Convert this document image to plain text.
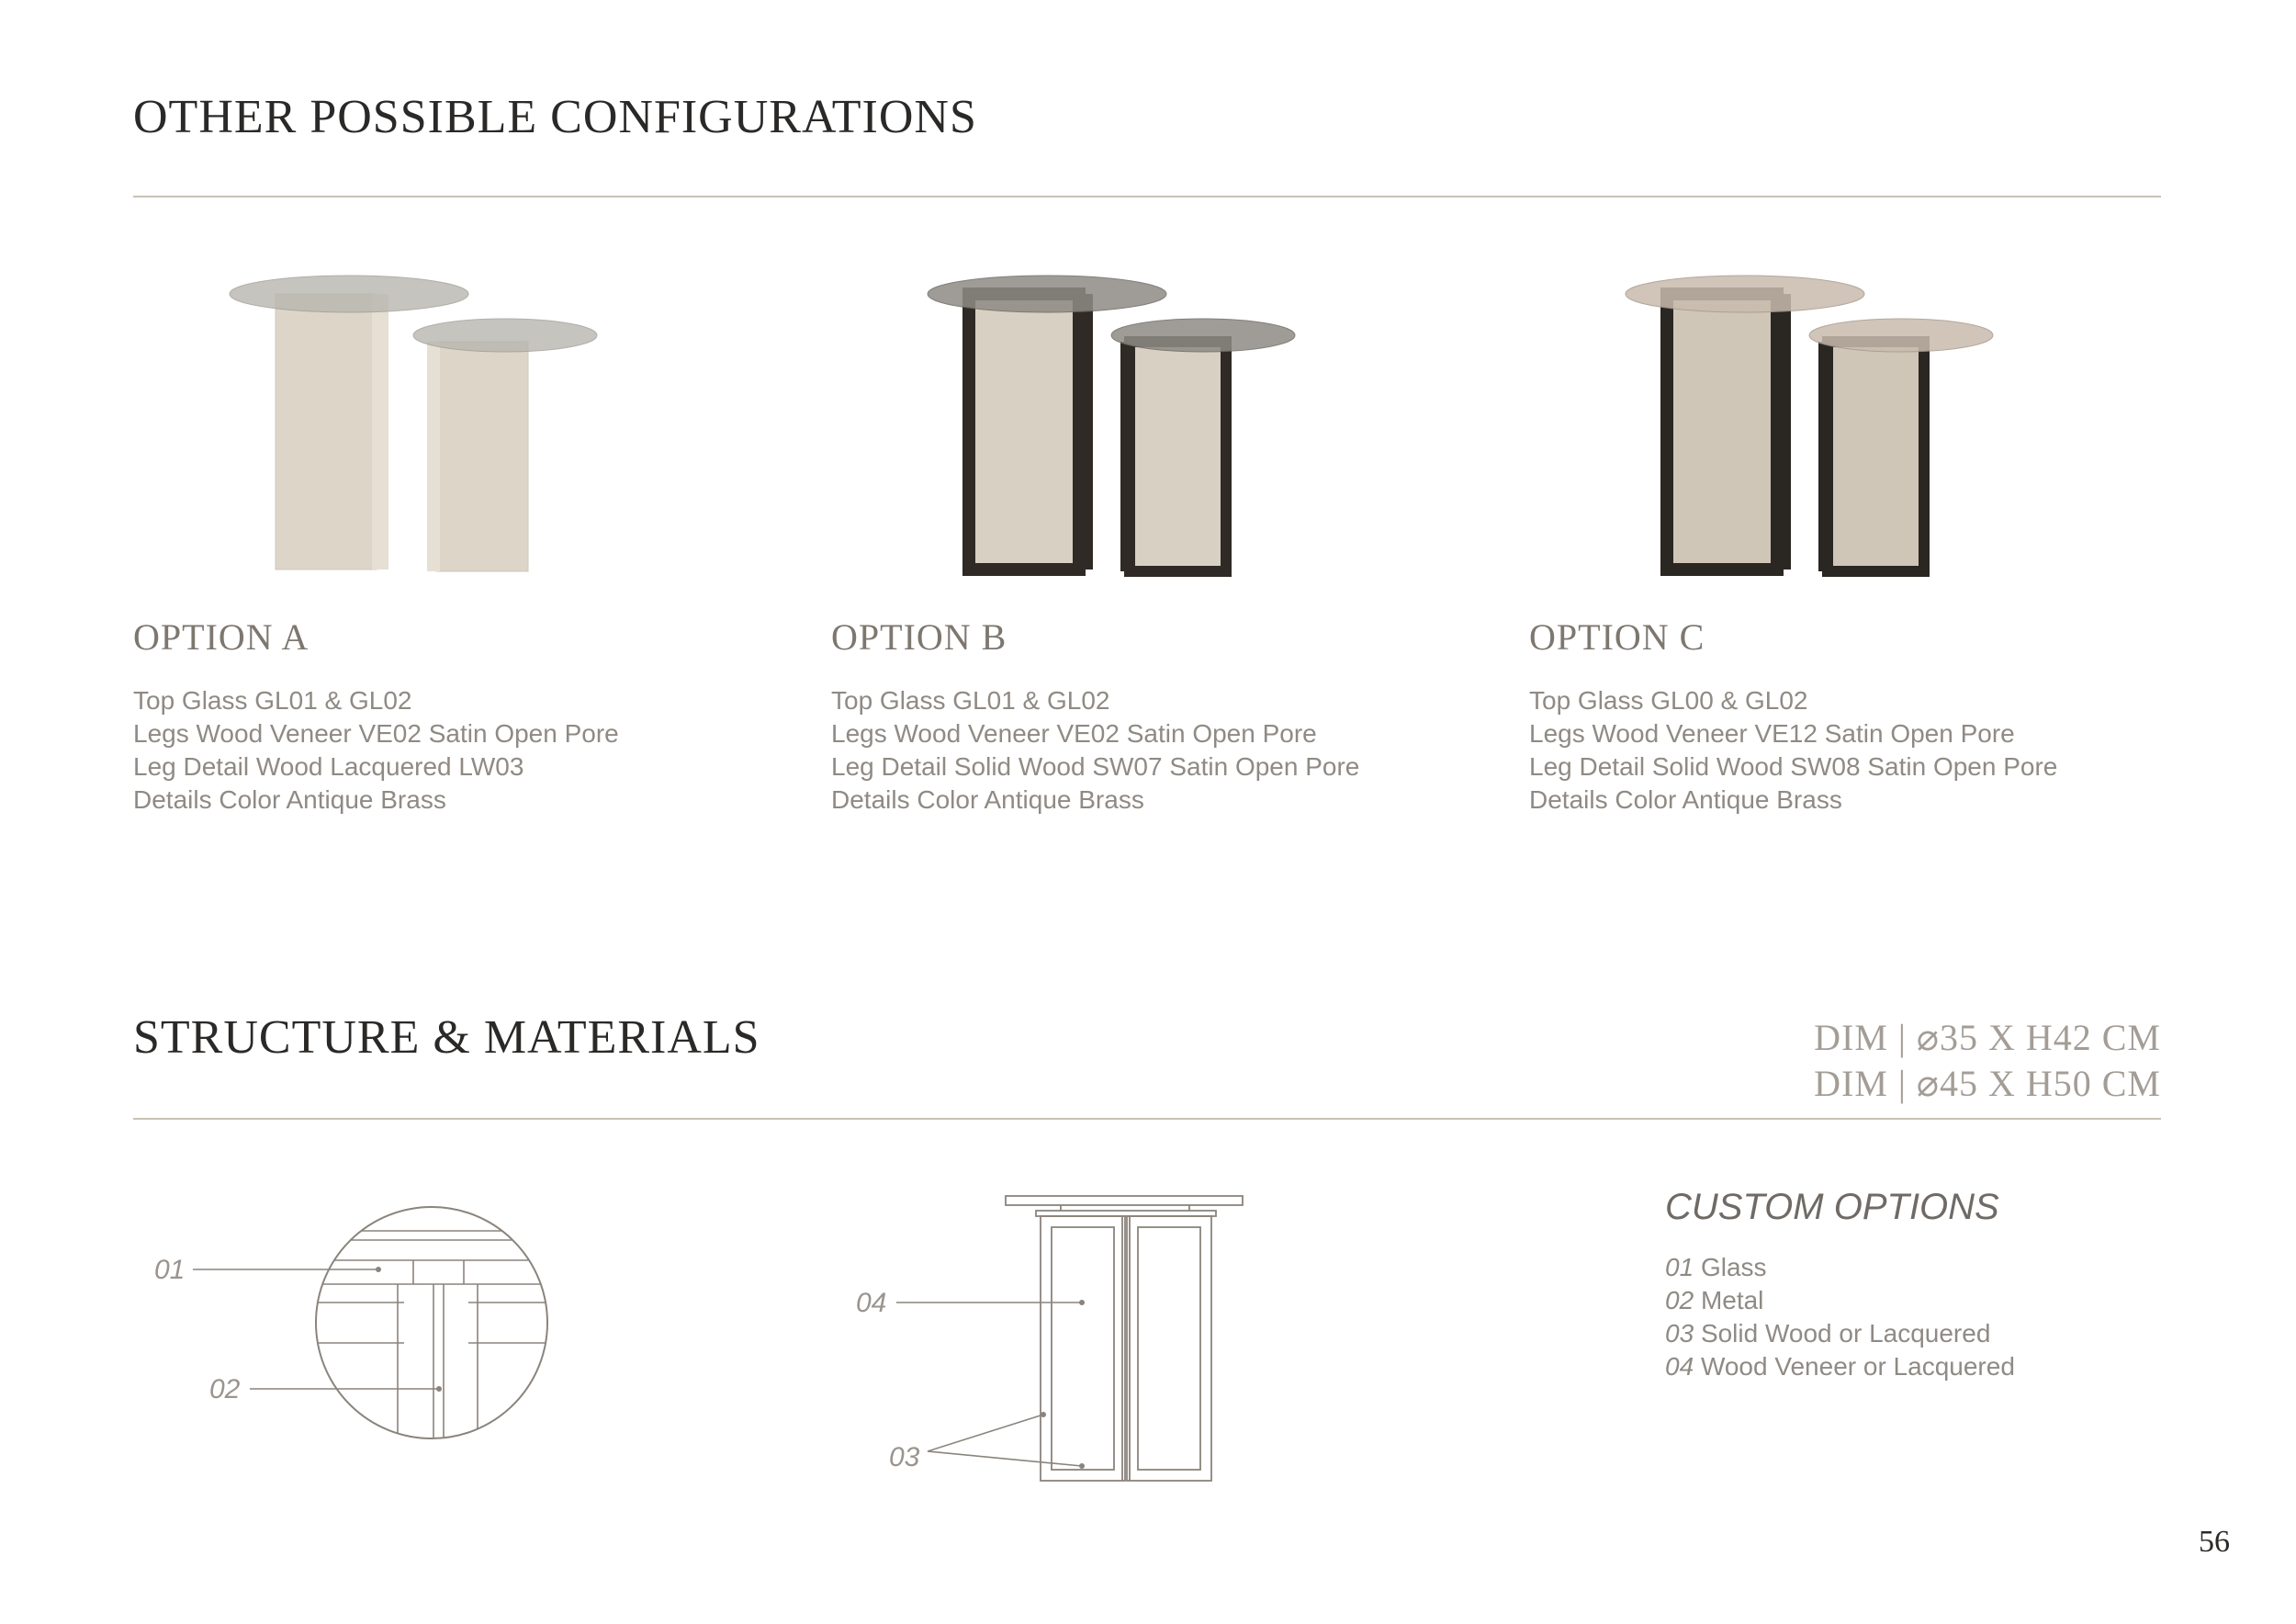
OTHER POSSIBLE CONFIGURATIONS
OPTION A
Top Glass GL01 & GL02
Legs Wood Veneer VE02 Satin Open Pore
Leg Detail Wood Lacquered LW03
Details Color Antique Brass
OPTION B
Top Glass GL01 & GL02
Legs Wood Veneer VE02 Satin Open Pore
Leg Detail Solid Wood SW07 Satin Open Pore
Details Color Antique Brass
OPTION C
Top Glass GL00 & GL02
Legs Wood Veneer VE12 Satin Open Pore
Leg Detail Solid Wood SW08 Satin Open Pore
Details Color Antique Brass
STRUCTURE & MATERIALS	DIM | ⌀35 X H42 CM
DIM | ⌀45 X H50 CM
01
02
04
03
CUSTOM OPTIONS
01 Glass
02 Metal
03 Solid Wood or Lacquered
04 Wood Veneer or Lacquered
56
